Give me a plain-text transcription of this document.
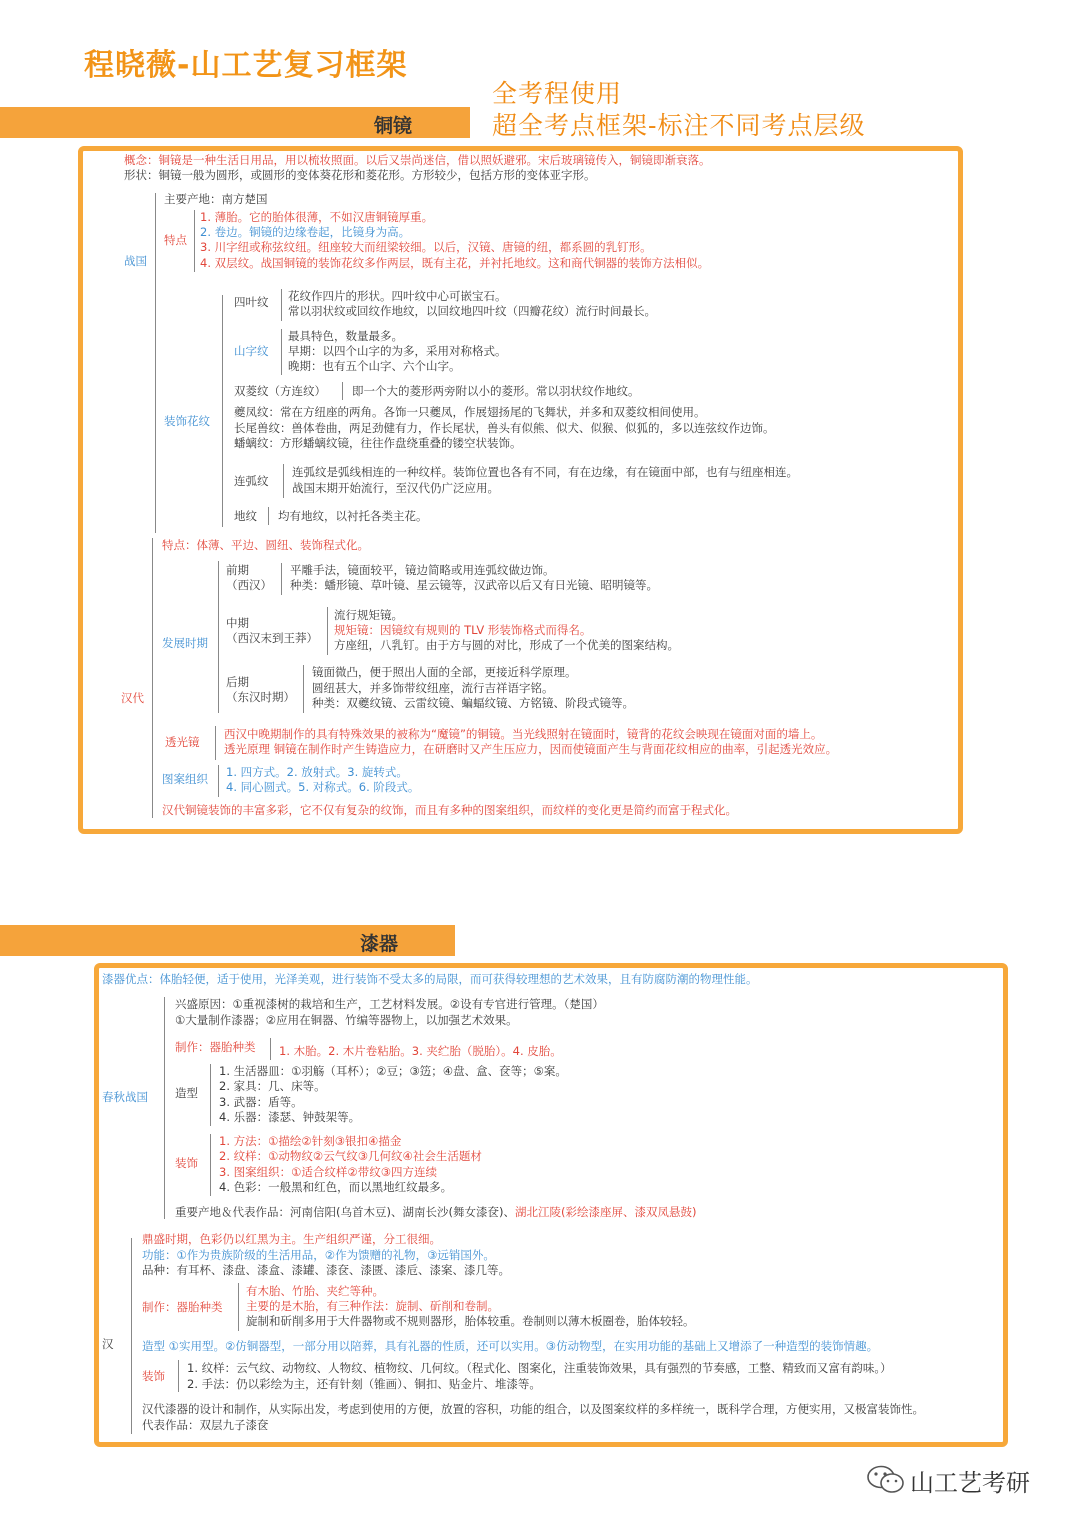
程晓薇-山工艺复习框架
全考程使用
超全考点框架-标注不同考点层级
铜镜
概念：铜镜是一种生活日用品，用以梳妆照面。以后又崇尚迷信，借以照妖避邪。宋后玻璃镜传入，铜镜即渐衰落。
形状：铜镜一般为圆形，或圆形的变体葵花形和菱花形。方形较少，包括方形的变体亚字形。
战国
主要产地：南方楚国
特点
1. 薄胎。它的胎体很薄，不如汉唐铜镜厚重。
2. 卷边。铜镜的边缘卷起，比镜身为高。
3. 川字纽或称弦纹纽。纽座较大而纽梁较细。以后，汉镜、唐镜的纽，都系圆的乳钉形。
4. 双层纹。战国铜镜的装饰花纹多作两层，既有主花，并衬托地纹。这和商代铜器的装饰方法相似。
装饰花纹
四叶纹 花纹作四片的形状。四叶纹中心可嵌宝石。
常以羽状纹或回纹作地纹，以回纹地四叶纹（四瓣花纹）流行时间最长。
山字纹
最具特色，数量最多。
早期：以四个山字的为多，采用对称格式。
晚期：也有五个山字、六个山字。
双菱纹（方连纹） 即一个大的菱形两旁附以小的菱形。常以羽状纹作地纹。
夔凤纹：常在方纽座的两角。各饰一只夔凤，作展翅扬尾的飞舞状，并多和双菱纹相间使用。
长尾兽纹：兽体卷曲，两足劲健有力，作长尾状，兽头有似熊、似犬、似猴、似狐的，多以连弦纹作边饰。
蟠螭纹：方形蟠螭纹镜，往往作盘绕重叠的镂空状装饰。
连弧纹
连弧纹是弧线相连的一种纹样。装饰位置也各有不同，有在边缘，有在镜面中部，也有与纽座相连。
战国末期开始流行，至汉代仍广泛应用。
地纹 均有地纹，以衬托各类主花。
汉代
特点：体薄、平边、圆纽、装饰程式化。
发展时期
前期
（西汉）
平雕手法，镜面较平，镜边简略或用连弧纹做边饰。
种类：蟠形镜、草叶镜、星云镜等，汉武帝以后又有日光镜、昭明镜等。
中期
（西汉末到王莽）
流行规矩镜。
规矩镜：因镜纹有规则的 TLV 形装饰格式而得名。
方座纽，八乳钉。由于方与圆的对比，形成了一个优美的图案结构。
后期
（东汉时期）
镜面微凸，便于照出人面的全部，更接近科学原理。
圆纽甚大，并多饰带纹纽座，流行吉祥语字铭。
种类：双夔纹镜、云雷纹镜、蝙蝠纹镜、方铭镜、阶段式镜等。
透光镜
西汉中晚期制作的具有特殊效果的被称为“魔镜”的铜镜。当光线照射在镜面时，镜背的花纹会映现在镜面对面的墙上。
透光原理 铜镜在制作时产生铸造应力，在研磨时又产生压应力，因而使镜面产生与背面花纹相应的曲率，引起透光效应。
图案组织 1. 四方式。2. 放射式。3. 旋转式。
4. 同心圆式。5. 对称式。6. 阶段式。
汉代铜镜装饰的丰富多彩，它不仅有复杂的纹饰，而且有多种的图案组织，而纹样的变化更是简约而富于程式化。
漆器
漆器优点：体胎轻便，适于使用，光泽美观，进行装饰不受太多的局限，而可获得较理想的艺术效果，且有防腐防潮的物理性能。
春秋战国
兴盛原因：①重视漆树的栽培和生产，工艺材料发展。②设有专官进行管理。（楚国）
①大量制作漆器；②应用在铜器、竹编等器物上，以加强艺术效果。
制作：器胎种类 1. 木胎。2. 木片卷粘胎。3. 夹纻胎（脱胎）。4. 皮胎。
造型
1. 生活器皿：①羽觞（耳杯）；②豆；③笾；④盘、盒、奁等；⑤案。
2. 家具：几、床等。
3. 武器：盾等。
4. 乐器：漆瑟、钟鼓架等。
装饰
1. 方法：①描绘②针刻③银扣④描金
2. 纹样：①动物纹②云气纹③几何纹④社会生活题材
3. 图案组织：①适合纹样②带纹③四方连续
4. 色彩：一般黑和红色，而以黑地红纹最多。
重要产地＆代表作品：河南信阳(乌首木豆)、湖南长沙(舞女漆奁)、湖北江陵(彩绘漆座屏、漆双凤悬鼓)
汉
鼎盛时期，色彩仍以红黑为主。生产组织严谨，分工很细。
功能：①作为贵族阶级的生活用品，②作为馈赠的礼物，③远销国外。
品种：有耳杯、漆盘、漆盒、漆罐、漆奁、漆匮、漆卮、漆案、漆几等。
制作：器胎种类
有木胎、竹胎、夹纻等种。
主要的是木胎，有三种作法：旋制、斫削和卷制。
旋制和斫削多用于大件器物或不规则器形，胎体较重。卷制则以薄木板圈卷，胎体较轻。
造型 ①实用型。②仿铜器型，一部分用以陪葬，具有礼器的性质，还可以实用。③仿动物型，在实用功能的基础上又增添了一种造型的装饰情趣。
装饰
1. 纹样：云气纹、动物纹、人物纹、植物纹、几何纹。（程式化、图案化，注重装饰效果，具有强烈的节奏感，工整、精致而又富有韵味。）
2. 手法：仍以彩绘为主，还有针刻（锥画）、铜扣、贴金片、堆漆等。
汉代漆器的设计和制作，从实际出发，考虑到使用的方便，放置的容积，功能的组合，以及图案纹样的多样统一，既科学合理，方便实用，又极富装饰性。
代表作品：双层九子漆奁
山工艺考研
